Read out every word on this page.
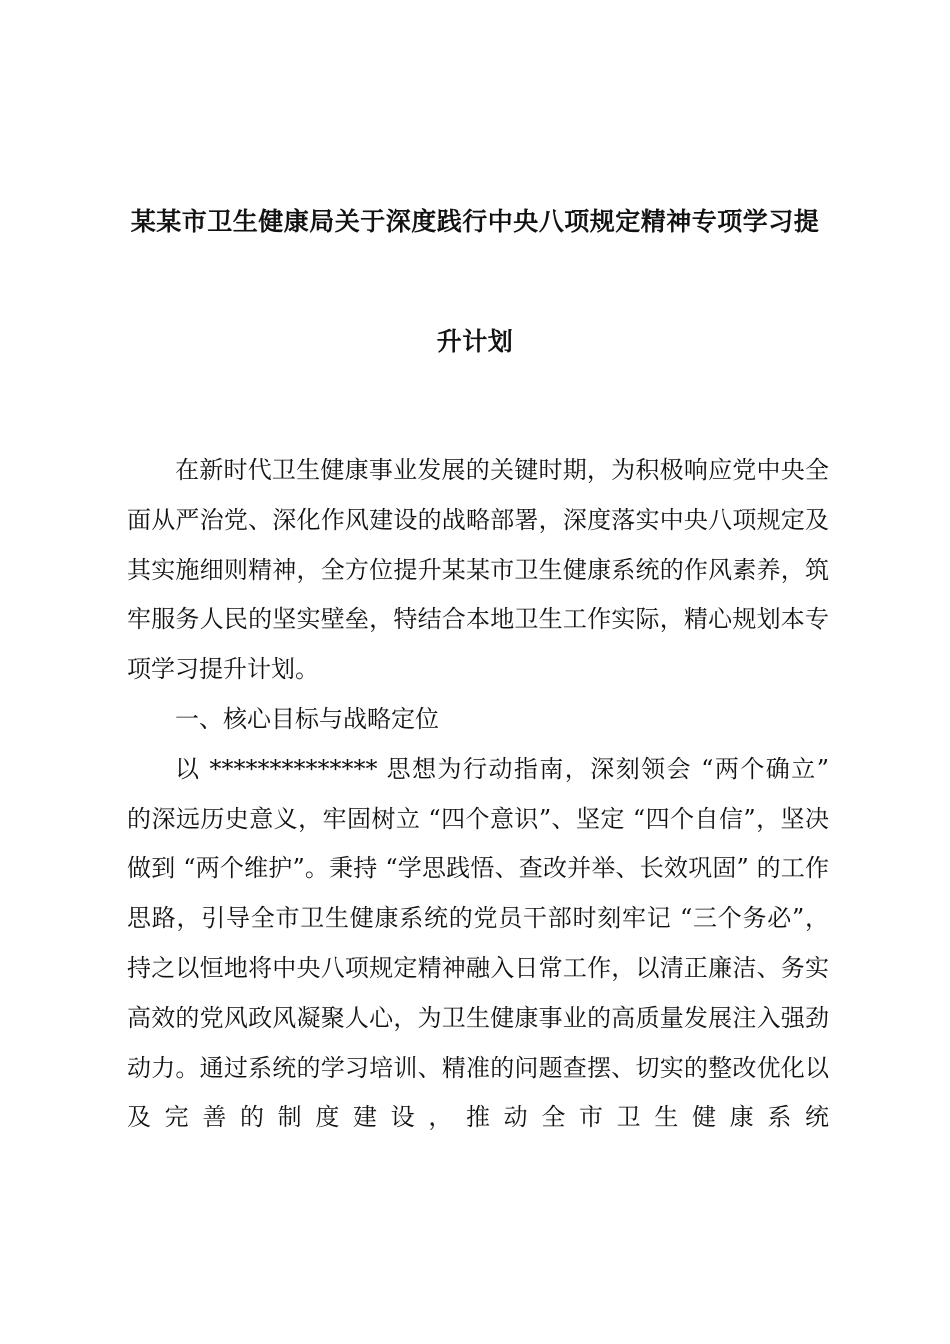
某某市卫生健康局关于深度践行中央八项规定精神专项学习提
升计划

在新时代卫生健康事业发展的关键时期，为积极响应党中央全面从严治党、深化作风建设的战略部署，深度落实中央八项规定及其实施细则精神，全方位提升某某市卫生健康系统的作风素养，筑牢服务人民的坚实壁垒，特结合本地卫生工作实际，精心规划本专项学习提升计划。

一、核心目标与战略定位

以 ************** 思想为行动指南，深刻领会 “两个确立” 的深远历史意义，牢固树立 “四个意识”、坚定 “四个自信”，坚决做到 “两个维护”。秉持 “学思践悟、查改并举、长效巩固” 的工作思路，引导全市卫生健康系统的党员干部时刻牢记 “三个务必”，持之以恒地将中央八项规定精神融入日常工作，以清正廉洁、务实高效的党风政风凝聚人心，为卫生健康事业的高质量发展注入强劲动力。通过系统的学习培训、精准的问题查摆、切实的整改优化以及完善的制度建设，推动全市卫生健康系统
